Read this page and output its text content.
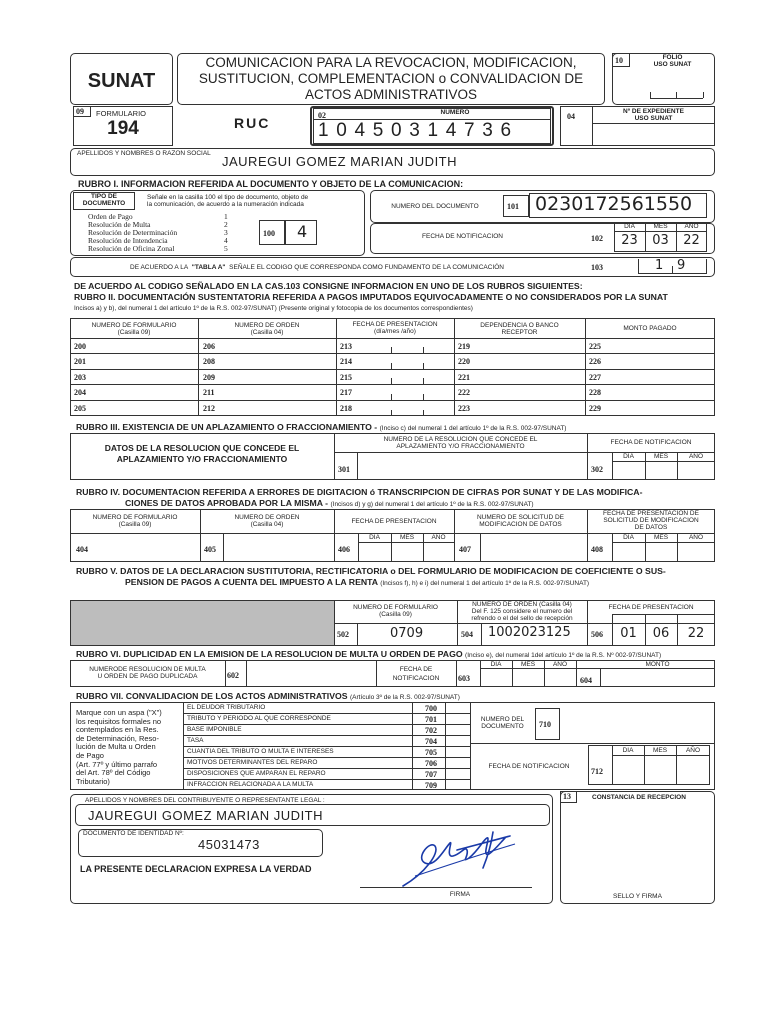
SUNAT
COMUNICACION PARA LA REVOCACION, MODIFICACION,
SUSTITUCION, COMPLEMENTACION o CONVALIDACION DE
ACTOS ADMINISTRATIVOS
10	FOLIO
USO SUNAT
09 FORMULARIO
194	RUC	02	NUMERO
1 0 4 5 0 3 1 4 7 3 6
04
Nº DE EXPEDIENTE
USO SUNAT
APELLIDOS Y NOMBRES O RAZON SOCIAL
JAUREGUI GOMEZ MARIAN JUDITH
RUBRO I. INFORMACION REFERIDA AL DOCUMENTO Y OBJETO DE LA COMUNICACION:
TIPO DE
DOCUMENTO
Señale en la casilla 100 el tipo de documento, objeto de
la comunicación, de acuerdo a la numeración indicada
Orden de Pago	1
Resolución de Multa	2
Resolución de Determinación	3
Resolución de Intendencia	4
Resolución de Oficina Zonal	5
100 4
NUMERO DEL DOCUMENTO	101 0230172561550
FECHA DE NOTIFICACION	102
DIA	MES	AÑO
23	03	22
DE ACUERDO A LA "TABLA A" SEÑALE EL CODIGO QUE CORRESPONDA COMO FUNDAMENTO DE LA COMUNICACIÓN	103	1 9
DE ACUERDO AL CODIGO SEÑALADO EN LA CAS.103 CONSIGNE INFORMACION EN UNO DE LOS RUBROS SIGUIENTES:
RUBRO II. DOCUMENTACIÓN SUSTENTATORIA REFERIDA A PAGOS IMPUTADOS EQUIVOCADAMENTE O NO CONSIDERADOS POR LA SUNAT
Incisos a) y b), del numeral 1 del artículo 1º de la R.S. 002-97/SUNAT) (Presente original y fotocopia de los documentos correspondientes)
NUMERO DE FORMULARIO
(Casilla 09)
NUMERO DE ORDEN
(Casilla 04)
FECHA DE PRESENTACION
(día/mes /año)
DEPENDENCIA O BANCO
RECEPTOR
MONTO PAGADO
200	206	213	219	225
201	208	214	220	226
203	209	215	221	227
204	211	217	222	228
205	212	218	223	229
RUBRO III. EXISTENCIA DE UN APLAZAMIENTO O FRACCIONAMIENTO - (Inciso c) del numeral 1 del artículo 1º de la R.S. 002-97/SUNAT)
DATOS DE LA RESOLUCION QUE CONCEDE EL
APLAZAMIENTO Y/O FRACCIONAMIENTO
NUMERO DE LA RESOLUCION QUE CONCEDE EL
APLAZAMIENTO Y/O FRACCIONAMIENTO
301
FECHA DE NOTIFICACION
302
DIA	MES	AÑO
RUBRO IV. DOCUMENTACION REFERIDA A ERRORES DE DIGITACION ó TRANSCRIPCION DE CIFRAS POR SUNAT Y DE LAS MODIFICA-
CIONES DE DATOS APROBADA POR LA MISMA - (Incisos d) y g) del numeral 1 del artículo 1º de la R.S. 002-97/SUNAT)
NUMERO DE FORMULARIO
(Casilla 09)
NUMERO DE ORDEN
(Casilla 04)	FECHA DE PRESENTACION
NUMERO DE SOLICITUD DE
MODIFICACION DE DATOS
FECHA DE PRESENTACION DE
SOLICITUD DE MODIFICACION
DE DATOS
404	405	406
DIA	MES	AÑO
407	408
DIA	MES	AÑO
RUBRO V. DATOS DE LA DECLARACION SUSTITUTORIA, RECTIFICATORIA o DEL FORMULARIO DE MODIFICACION DE COEFICIENTE O SUS-
PENSION DE PAGOS A CUENTA DEL IMPUESTO A LA RENTA (Incisos f), h) e i) del numeral 1 del artículo 1º de la R.S. 002-97/SUNAT)
NUMERO DE FORMULARIO
(Casilla 09)
NUMERO DE ORDEN (Casilla 04)
Del F. 125 considere el numero del
refrendo o el del sello de recepción
FECHA DE PRESENTACION
502	0709	504 1002023125	506	01	06	22
RUBRO VI. DUPLICIDAD EN LA EMISION DE LA RESOLUCION DE MULTA U ORDEN DE PAGO (Inciso e), del numeral 1del artículo 1º de la R.S. Nº 002-97/SUNAT)
NUMERODE RESOLUCION DE MULTA
U ORDEN DE PAGO DUPLICADA	602
FECHA DE
NOTIFICACION	603
DIA	MES	AÑO	MONTO
604
RUBRO VII. CONVALIDACION DE LOS ACTOS ADMINISTRATIVOS (Artículo 3º de la R.S. 002-97/SUNAT)
Marque con un aspa ("X")
los requisitos formales no
contemplados en la Res.
de Determinación, Reso-
lución de Multa u Orden
de Pago
(Art. 77º y último parrafo
del Art. 78º del Código
Tributario)
EL DEUDOR TRIBUTARIO	700
TRIBUTO Y PERIODO AL QUE CORRESPONDE	701
BASE IMPONIBLE	702
TASA	704
CUANTIA DEL TRIBUTO O MULTA E INTERESES	705
MOTIVOS DETERMINANTES DEL REPARO	706
DISPOSICIONES QUE AMPARAN EL REPARO	707
INFRACCION RELACIONADA A LA MULTA	709
NUMERO DEL
DOCUMENTO	710
FECHA DE NOTIFICACION
712
DIA	MES	AÑO
APELLIDOS Y NOMBRES DEL CONTRIBUYENTE O REPRESENTANTE LEGAL :
JAUREGUI GOMEZ MARIAN JUDITH
DOCUMENTO DE IDENTIDAD Nº:
45031473
LA PRESENTE DECLARACION EXPRESA LA VERDAD
FIRMA
13	CONSTANCIA DE RECEPCION
SELLO Y FIRMA
